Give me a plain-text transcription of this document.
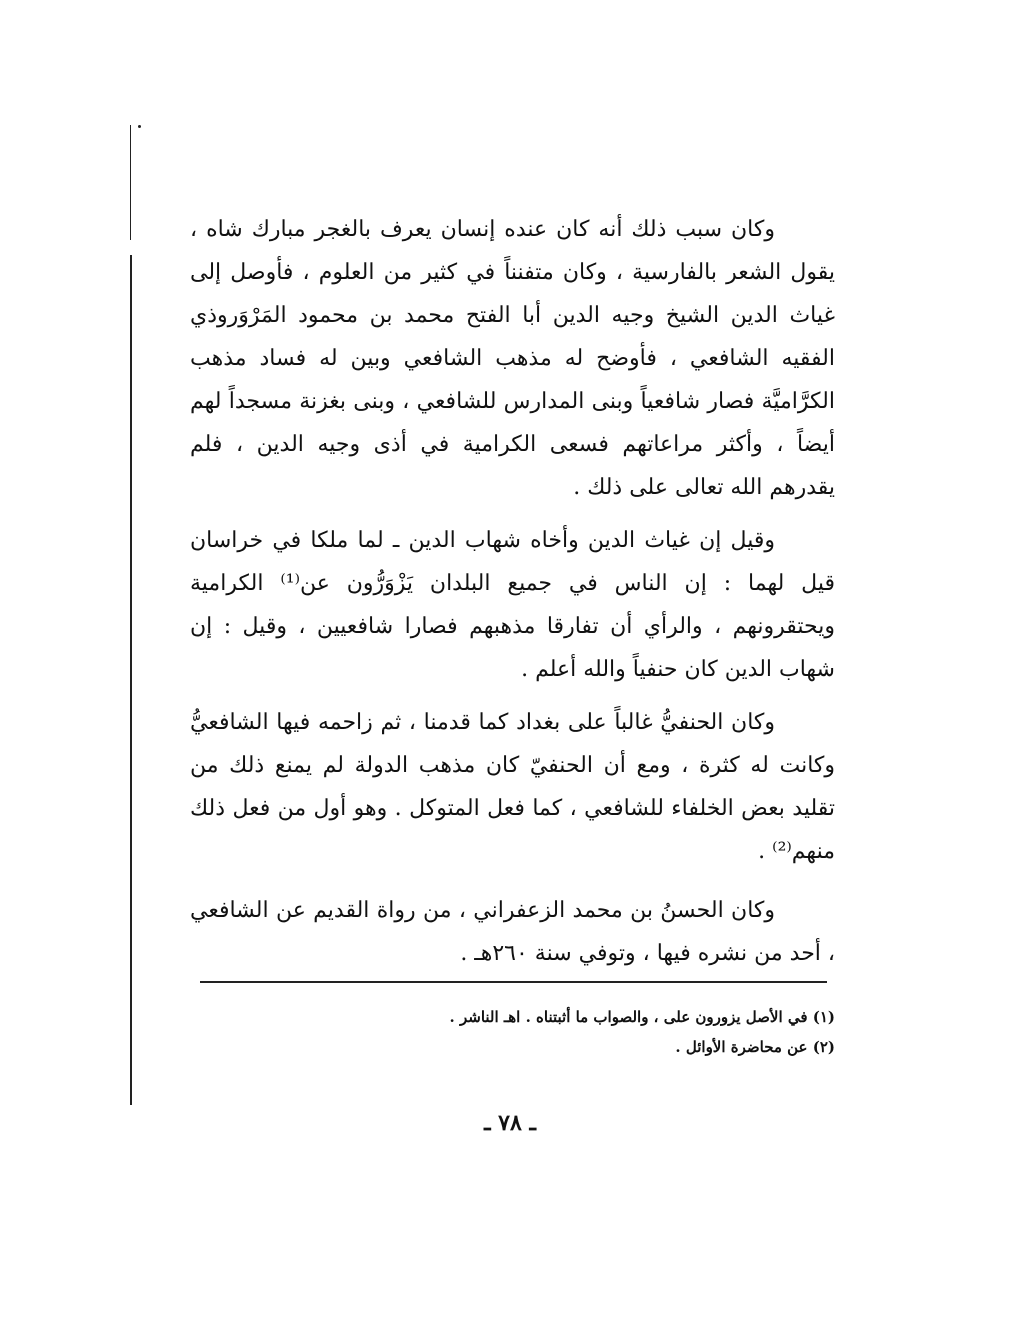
وكان سبب ذلك أنه كان عنده إنسان يعرف بالغجر مبارك شاه ، يقول الشعر بالفارسية ، وكان متفنناً في كثير من العلوم ، فأوصل إلى غياث الدين الشيخ وجيه الدين أبا الفتح محمد بن محمود المَرْوَروذي الفقيه الشافعي ، فأوضح له مذهب الشافعي وبين له فساد مذهب الكرَّاميَّة فصار شافعياً وبنى المدارس للشافعي ، وبنى بغزنة مسجداً لهم أيضاً ، وأكثر مراعاتهم فسعى الكرامية في أذى وجيه الدين ، فلم يقدرهم الله تعالى على ذلك .

وقيل إن غياث الدين وأخاه شهاب الدين ـ لما ملكا في خراسان قيل لهما : إن الناس في جميع البلدان يَزْوَرُّون عن⁽¹⁾ الكرامية ويحتقرونهم ، والرأي أن تفارقا مذهبهم فصارا شافعيين ، وقيل : إن شهاب الدين كان حنفياً والله أعلم .

وكان الحنفيُّ غالباً على بغداد كما قدمنا ، ثم زاحمه فيها الشافعيُّ وكانت له كثرة ، ومع أن الحنفيّ كان مذهب الدولة لم يمنع ذلك من تقليد بعض الخلفاء للشافعي ، كما فعل المتوكل . وهو أول من فعل ذلك منهم⁽²⁾ .

وكان الحسنُ بن محمد الزعفراني ، من رواة القديم عن الشافعي ، أحد من نشره فيها ، وتوفي سنة ٢٦٠هـ .

(١) في الأصل يزورون على ، والصواب ما أثبتناه . اهـ الناشر .

(٢) عن محاضرة الأوائل .

ـ ٧٨ ـ
